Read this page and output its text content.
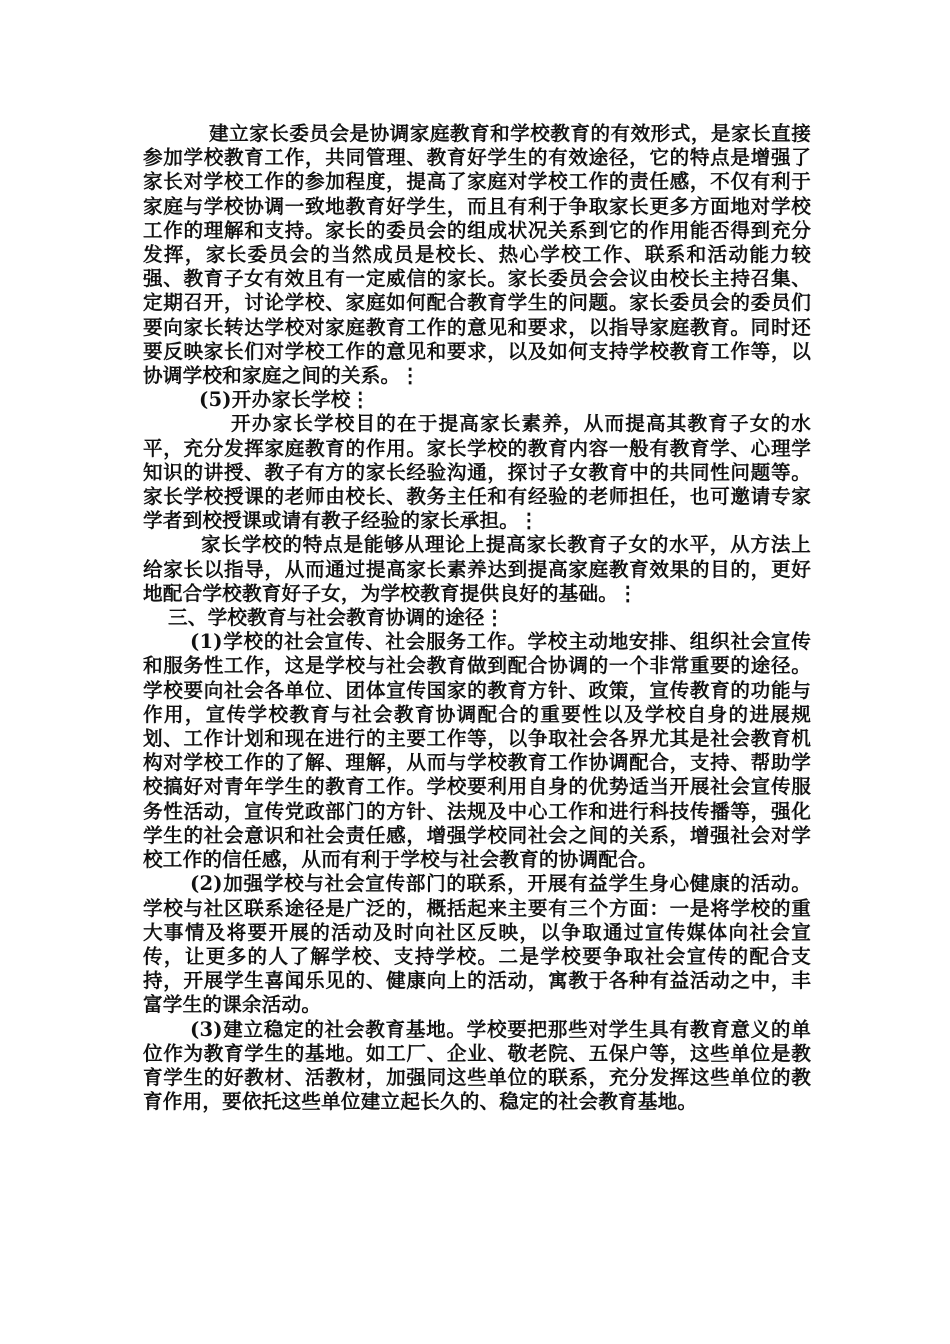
建立家长委员会是协调家庭教育和学校教育的有效形式，是家长直接参加学校教育工作，共同管理、教育好学生的有效途径，它的特点是增强了家长对学校工作的参加程度，提高了家庭对学校工作的责任感，不仅有利于家庭与学校协调一致地教育好学生，而且有利于争取家长更多方面地对学校工作的理解和支持。家长的委员会的组成状况关系到它的作用能否得到充分发挥，家长委员会的当然成员是校长、热心学校工作、联系和活动能力较强、教育子女有效且有一定威信的家长。家长委员会会议由校长主持召集、定期召开，讨论学校、家庭如何配合教育学生的问题。家长委员会的委员们要向家长转达学校对家庭教育工作的意见和要求，以指导家庭教育。同时还要反映家长们对学校工作的意见和要求，以及如何支持学校教育工作等，以协调学校和家庭之间的关系。⋮

(5)开办家长学校⋮

开办家长学校目的在于提高家长素养，从而提高其教育子女的水平，充分发挥家庭教育的作用。家长学校的教育内容一般有教育学、心理学知识的讲授、教子有方的家长经验沟通，探讨子女教育中的共同性问题等。家长学校授课的老师由校长、教务主任和有经验的老师担任，也可邀请专家学者到校授课或请有教子经验的家长承担。⋮

家长学校的特点是能够从理论上提高家长教育子女的水平，从方法上给家长以指导，从而通过提高家长素养达到提高家庭教育效果的目的，更好地配合学校教育好子女，为学校教育提供良好的基础。⋮

三、学校教育与社会教育协调的途径⋮

(1)学校的社会宣传、社会服务工作。学校主动地安排、组织社会宣传和服务性工作，这是学校与社会教育做到配合协调的一个非常重要的途径。学校要向社会各单位、团体宣传国家的教育方针、政策，宣传教育的功能与作用，宣传学校教育与社会教育协调配合的重要性以及学校自身的进展规划、工作计划和现在进行的主要工作等，以争取社会各界尤其是社会教育机构对学校工作的了解、理解，从而与学校教育工作协调配合，支持、帮助学校搞好对青年学生的教育工作。学校要利用自身的优势适当开展社会宣传服务性活动，宣传党政部门的方针、法规及中心工作和进行科技传播等，强化学生的社会意识和社会责任感，增强学校同社会之间的关系，增强社会对学校工作的信任感，从而有利于学校与社会教育的协调配合。

(2)加强学校与社会宣传部门的联系，开展有益学生身心健康的活动。学校与社区联系途径是广泛的，概括起来主要有三个方面：一是将学校的重大事情及将要开展的活动及时向社区反映，以争取通过宣传媒体向社会宣传，让更多的人了解学校、支持学校。二是学校要争取社会宣传的配合支持，开展学生喜闻乐见的、健康向上的活动，寓教于各种有益活动之中，丰富学生的课余活动。

(3)建立稳定的社会教育基地。学校要把那些对学生具有教育意义的单位作为教育学生的基地。如工厂、企业、敬老院、五保户等，这些单位是教育学生的好教材、活教材，加强同这些单位的联系，充分发挥这些单位的教育作用，要依托这些单位建立起长久的、稳定的社会教育基地。
